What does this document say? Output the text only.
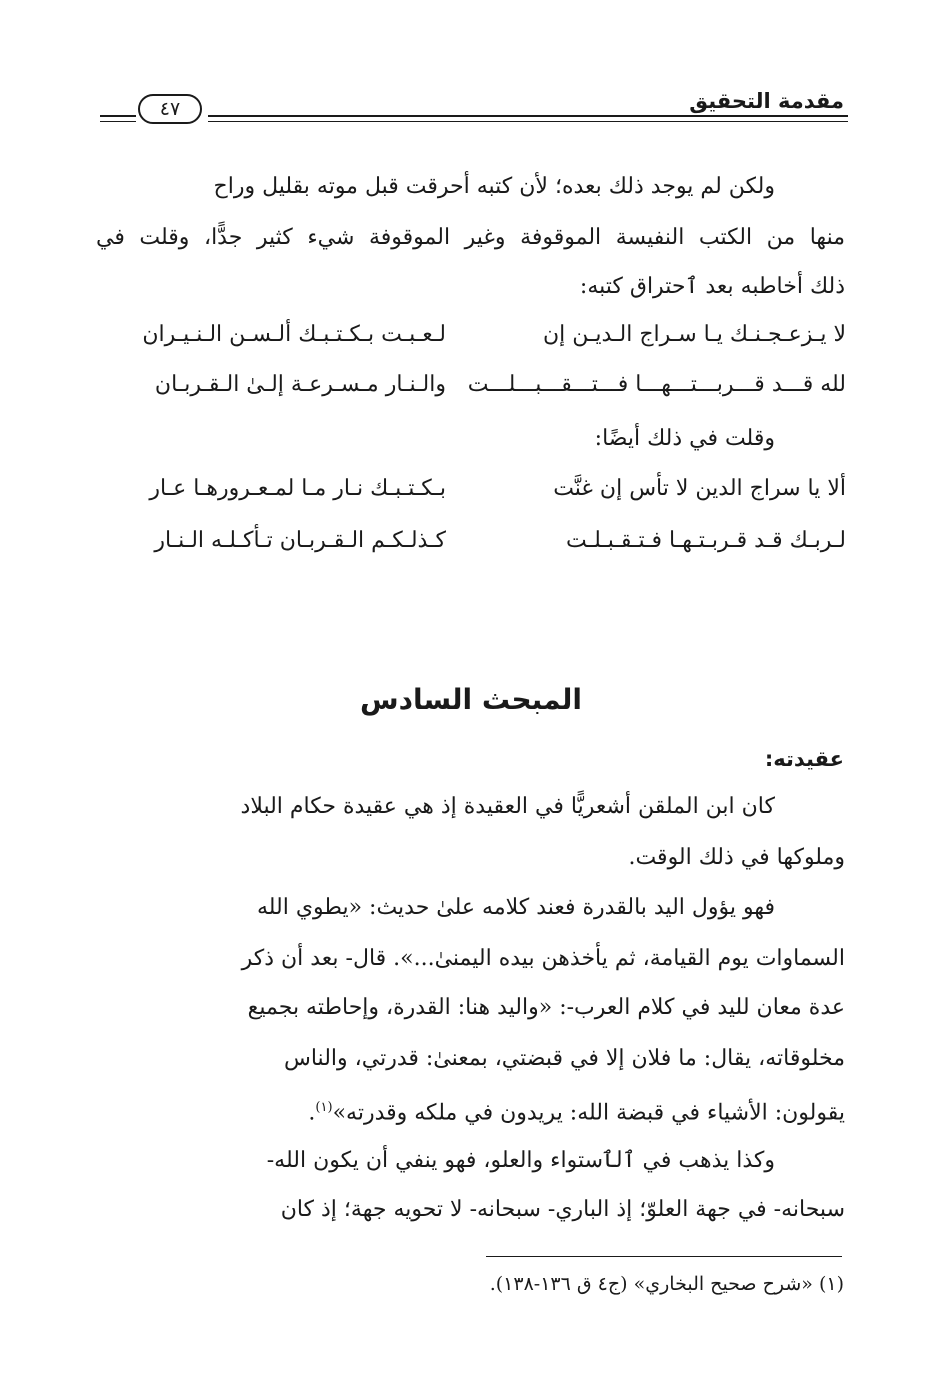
مقدمة التحقيق
٤٧
ولكن لم يوجد ذلك بعده؛ لأن كتبه أحرقت قبل موته بقليل وراح
منها من الكتب النفيسة الموقوفة وغير الموقوفة شيء كثير جدًّا، وقلت في
ذلك أخاطبه بعد ٱحتراق كتبه:
لا يـزعـجـنـك يـا سـراج الـديـن إن
لـعـبـت بـكـتـبـك ألـسـن الـنـيـران
لله قـــد قـــربـــتـــهـــا فـــتـــقـــبـــلـــت
والـنـار مـسـرعـة إلـىٰ الـقـربـان
وقلت في ذلك أيضًا:
ألا يا سراج الدين لا تأس إن غنَّت
بـكـتـبـك نـار مـا لمـعـرورهـا عـار
لـربـك قـد قـربـتـهـا فـتـقـبـلـت
كـذلـكـم الـقـربـان تـأكـلـه الـنـار
المبحث السادس
عقيدته:
كان ابن الملقن أشعريًّا في العقيدة إذ هي عقيدة حكام البلاد
وملوكها في ذلك الوقت.
فهو يؤول اليد بالقدرة فعند كلامه علىٰ حديث: «يطوي الله
السماوات يوم القيامة، ثم يأخذهن بيده اليمنىٰ...». قال- بعد أن ذكر
عدة معان لليد في كلام العرب-: «واليد هنا: القدرة، وإحاطته بجميع
مخلوقاته، يقال: ما فلان إلا في قبضتي، بمعنىٰ: قدرتي، والناس
يقولون: الأشياء في قبضة الله: يريدون في ملكه وقدرته»$^{(١)}$.
وكذا يذهب في ٱلٱستواء والعلو، فهو ينفي أن يكون الله-
سبحانه- في جهة العلوّ؛ إذ الباري- سبحانه- لا تحويه جهة؛ إذ كان
(١) «شرح صحيح البخاري» (ج٤ ق ١٣٦-١٣٨).
